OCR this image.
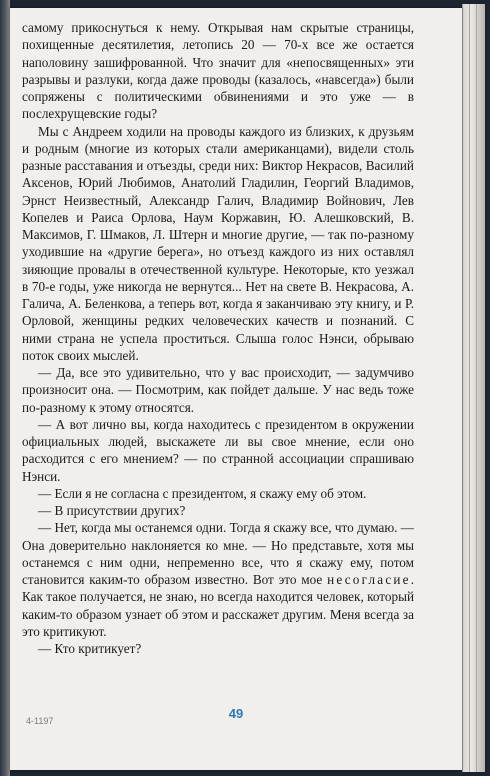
самому прикоснуться к нему. Открывая нам скрытые страницы, похищенные десятилетия, летопись 20 — 70-х все же остается наполовину зашифрованной. Что значит для «непосвященных» эти разрывы и разлуки, когда даже проводы (казалось, «навсегда») были сопряжены с политическими обвинениями и это уже — в послехрущевские годы?

Мы с Андреем ходили на проводы каждого из близких, к друзьям и родным (многие из которых стали американцами), видели столь разные расставания и отъезды, среди них: Виктор Некрасов, Василий Аксенов, Юрий Любимов, Анатолий Гладилин, Георгий Владимов, Эрнст Неизвестный, Александр Галич, Владимир Войнович, Лев Копелев и Раиса Орлова, Наум Коржавин, Ю. Алешковский, В. Максимов, Г. Шмаков, Л. Штерн и многие другие, — так по-разному уходившие на «другие берега», но отъезд каждого из них оставлял зияющие провалы в отечественной культуре. Некоторые, кто уезжал в 70-е годы, уже никогда не вернутся... Нет на свете В. Некрасова, А. Галича, А. Беленкова, а теперь вот, когда я заканчиваю эту книгу, и Р. Орловой, женщины редких человеческих качеств и познаний. С ними страна не успела проститься. Слыша голос Нэнси, обрываю поток своих мыслей.

— Да, все это удивительно, что у вас происходит, — задумчиво произносит она. — Посмотрим, как пойдет дальше. У нас ведь тоже по-разному к этому относятся.

— А вот лично вы, когда находитесь с президентом в окружении официальных людей, выскажете ли вы свое мнение, если оно расходится с его мнением? — по странной ассоциации спрашиваю Нэнси.

— Если я не согласна с президентом, я скажу ему об этом.

— В присутствии других?

— Нет, когда мы останемся одни. Тогда я скажу все, что думаю. — Она доверительно наклоняется ко мне. — Но представьте, хотя мы останемся с ним одни, непременно все, что я скажу ему, потом становится каким-то образом известно. Вот это мое несогласие. Как такое получается, не знаю, но всегда находится человек, который каким-то образом узнает об этом и расскажет другим. Меня всегда за это критикуют.

— Кто критикует?

4-1197	49
